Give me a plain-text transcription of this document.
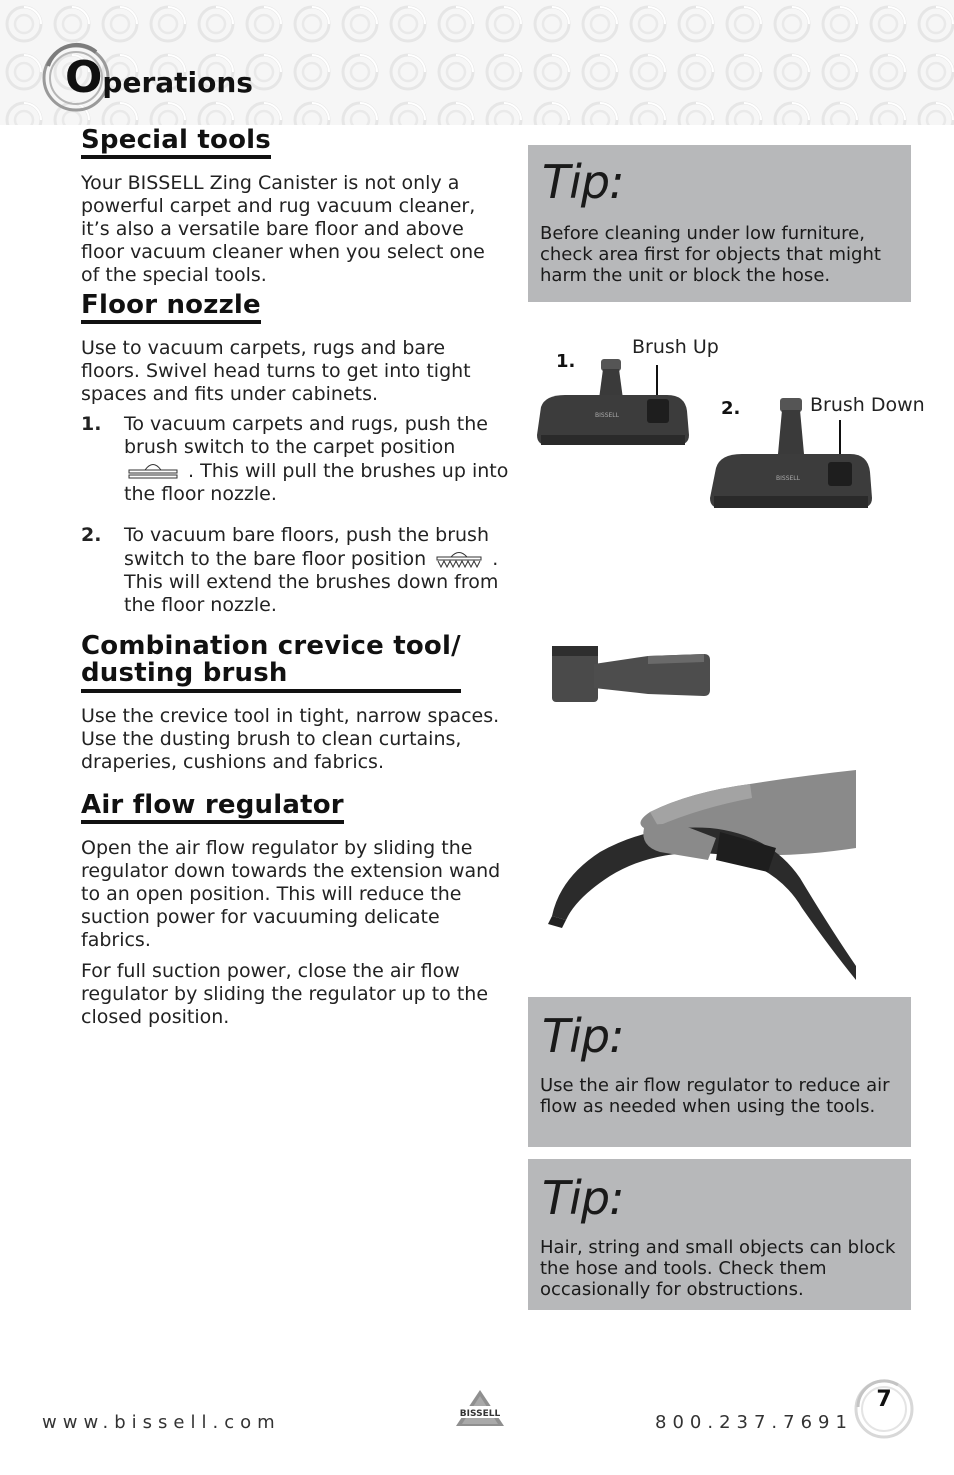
Operations
Special tools
Your BISSELL Zing Canister is not only a powerful carpet and rug vacuum cleaner, it’s also a versatile bare floor and above floor vacuum cleaner when you select one of the special tools.
Floor nozzle
Use to vacuum carpets, rugs and bare floors. Swivel head turns to get into tight spaces and fits under cabinets.
1. To vacuum carpets and rugs, push the brush switch to the carpet position  . This will pull the brushes up into the floor nozzle.
2. To vacuum bare floors, push the brush switch to the bare floor position	. This will extend the brushes down from the floor nozzle.
Combination crevice tool/
dusting brush
Use the crevice tool in tight, narrow spaces. Use the dusting brush to clean curtains, draperies, cushions and fabrics.
Air flow regulator
Open the air flow regulator by sliding the regulator down towards the extension wand to an open position. This will reduce the suction power for vacuuming delicate fabrics.
For full suction power, close the air flow regulator by sliding the regulator up to the closed position.
Tip:
Before cleaning under low furniture, check area first for objects that might harm the unit or block the hose.
Tip:
Use the air flow regulator to reduce air flow as needed when using the tools.
Tip:
Hair, string and small objects can block the hose and tools. Check them occasionally for obstructions.
1.
Brush Up
BISSELL	2.	Brush Down
BISSELL
www.bissell.com	BISSELL	800.237.7691
7
